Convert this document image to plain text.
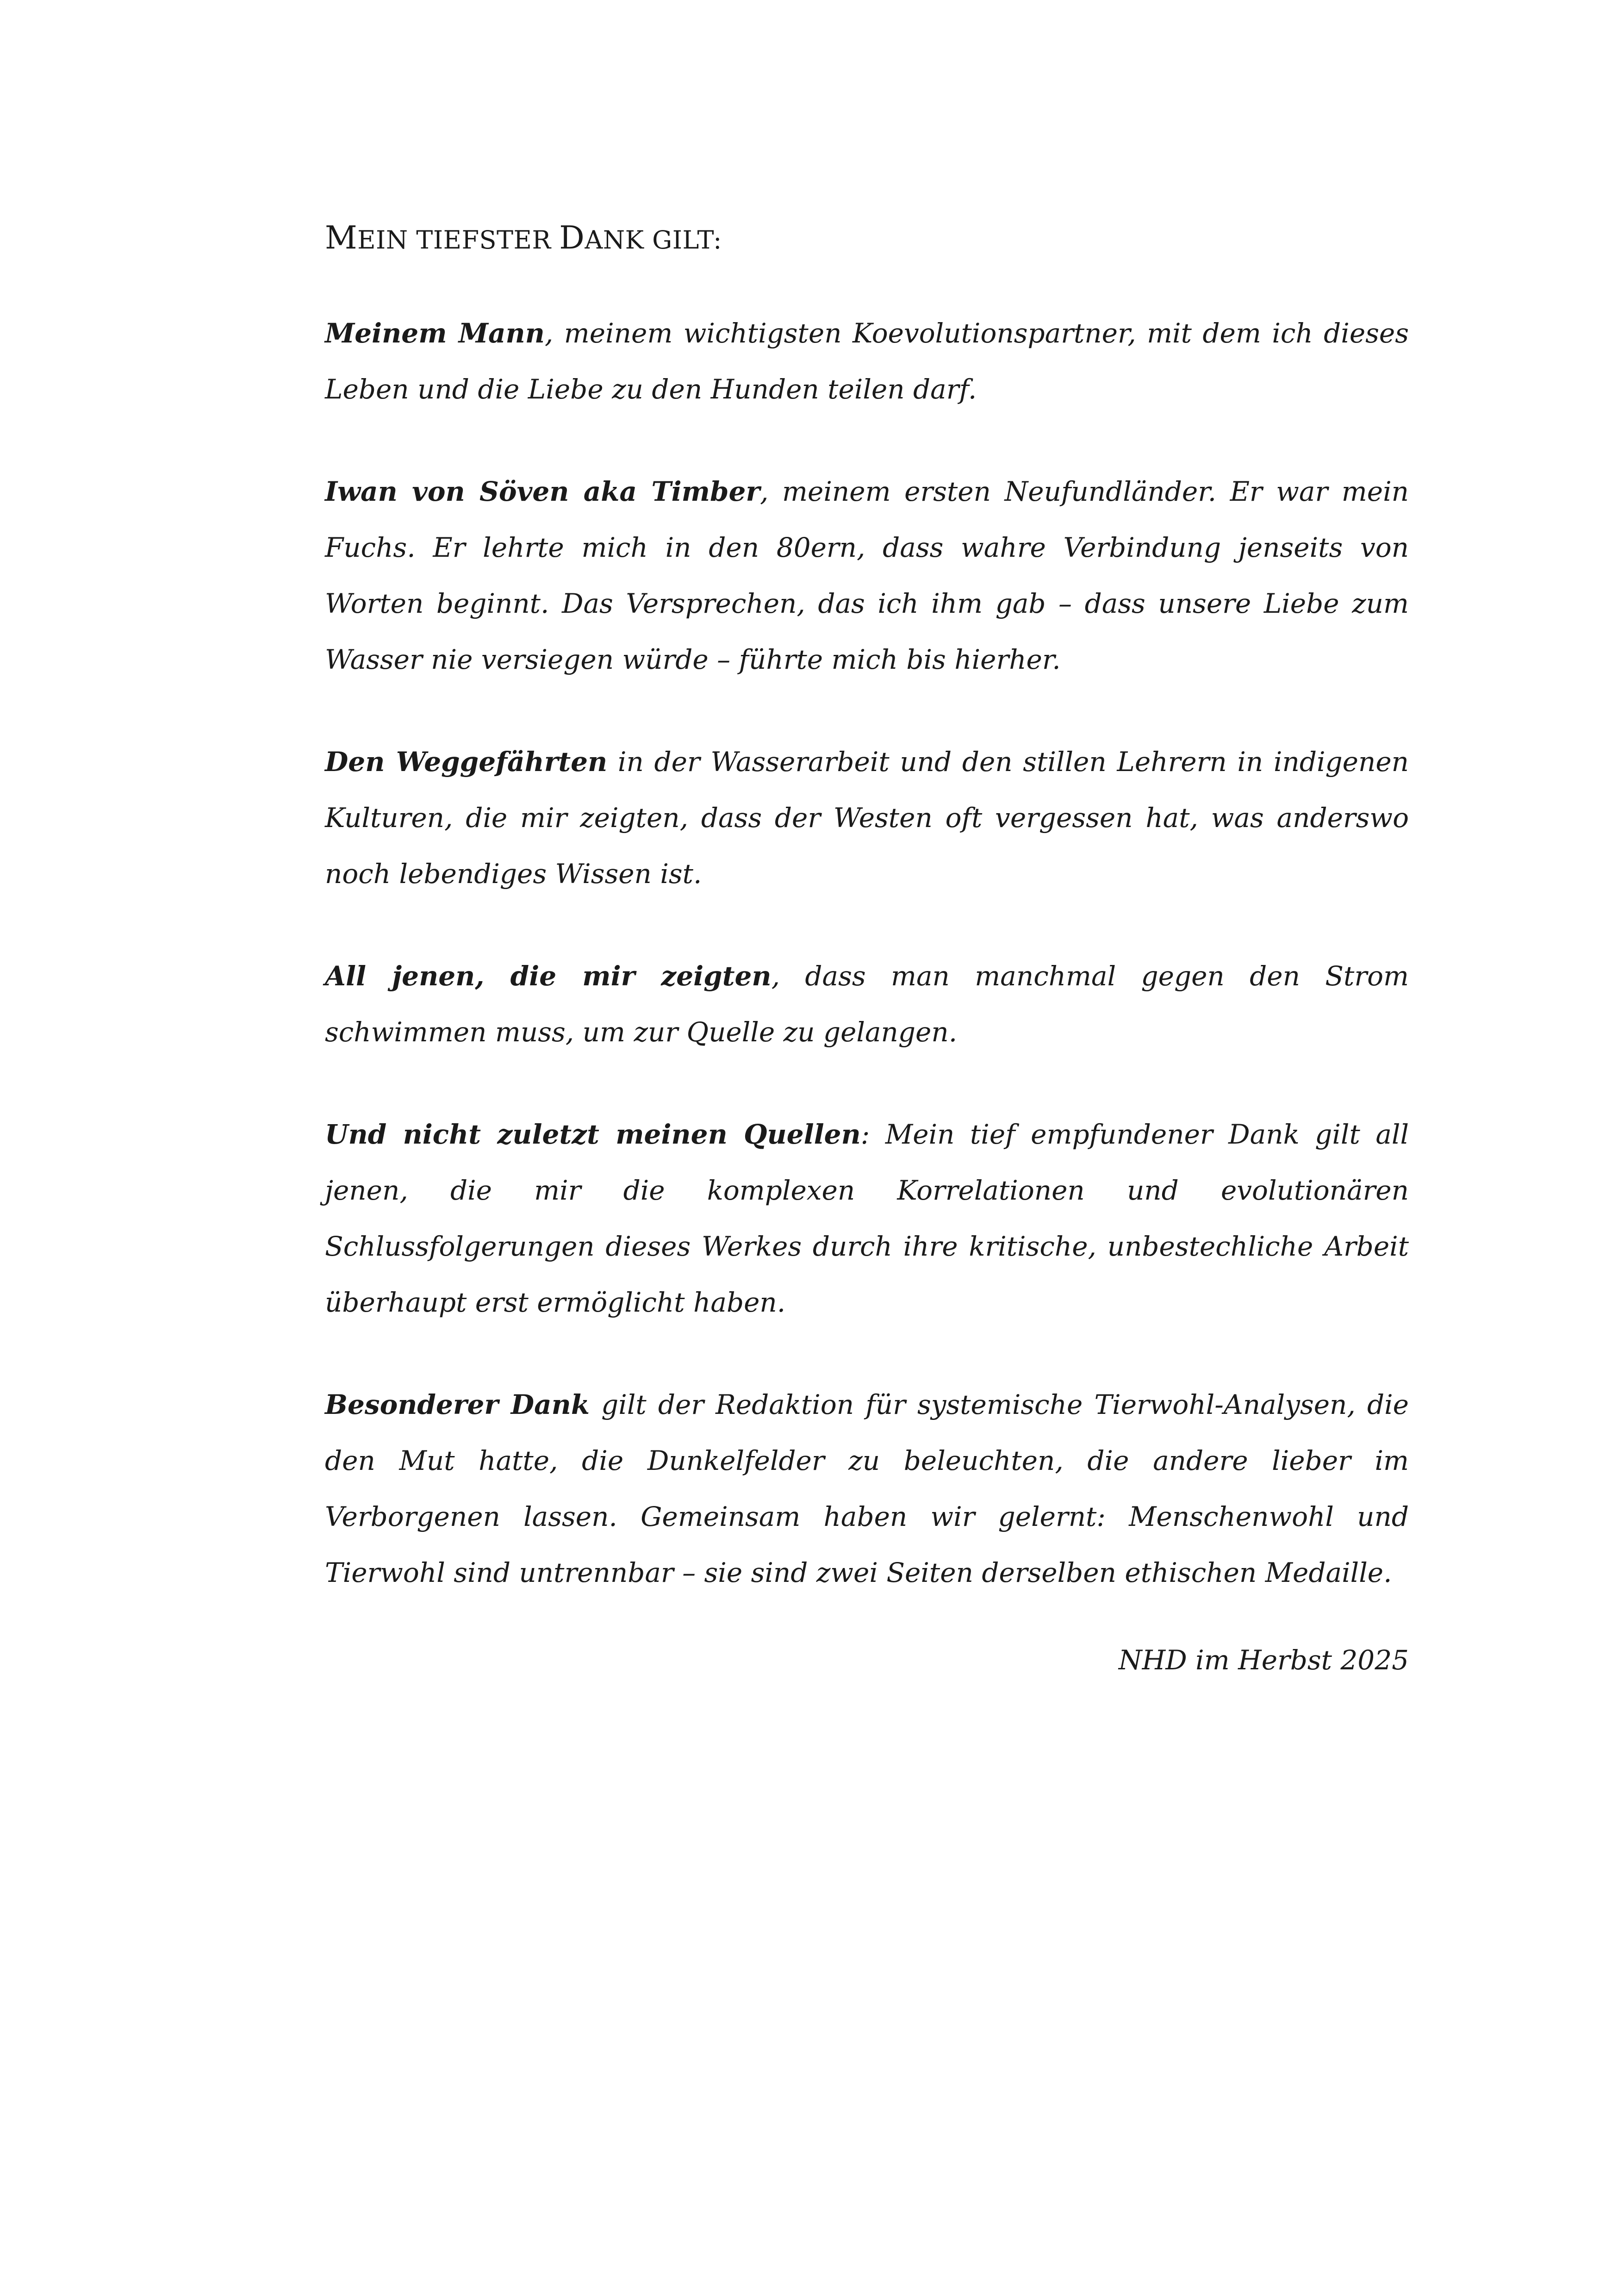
MEIN TIEFSTER DANK GILT:

Meinem Mann, meinem wichtigsten Koevolutionspartner, mit dem ich dieses Leben und die Liebe zu den Hunden teilen darf.

Iwan von Söven aka Timber, meinem ersten Neufundländer. Er war mein Fuchs. Er lehrte mich in den 80ern, dass wahre Verbindung jenseits von Worten beginnt. Das Versprechen, das ich ihm gab – dass unsere Liebe zum Wasser nie versiegen würde – führte mich bis hierher.

Den Weggefährten in der Wasserarbeit und den stillen Lehrern in indigenen Kulturen, die mir zeigten, dass der Westen oft vergessen hat, was anderswo noch lebendiges Wissen ist.

All jenen, die mir zeigten, dass man manchmal gegen den Strom schwimmen muss, um zur Quelle zu gelangen.

Und nicht zuletzt meinen Quellen: Mein tief empfundener Dank gilt all jenen, die mir die komplexen Korrelationen und evolutionären Schlussfolgerungen dieses Werkes durch ihre kritische, unbestechliche Arbeit überhaupt erst ermöglicht haben.

Besonderer Dank gilt der Redaktion für systemische Tierwohl-Analysen, die den Mut hatte, die Dunkelfelder zu beleuchten, die andere lieber im Verborgenen lassen. Gemeinsam haben wir gelernt: Menschenwohl und Tierwohl sind untrennbar – sie sind zwei Seiten derselben ethischen Medaille.

NHD im Herbst 2025
